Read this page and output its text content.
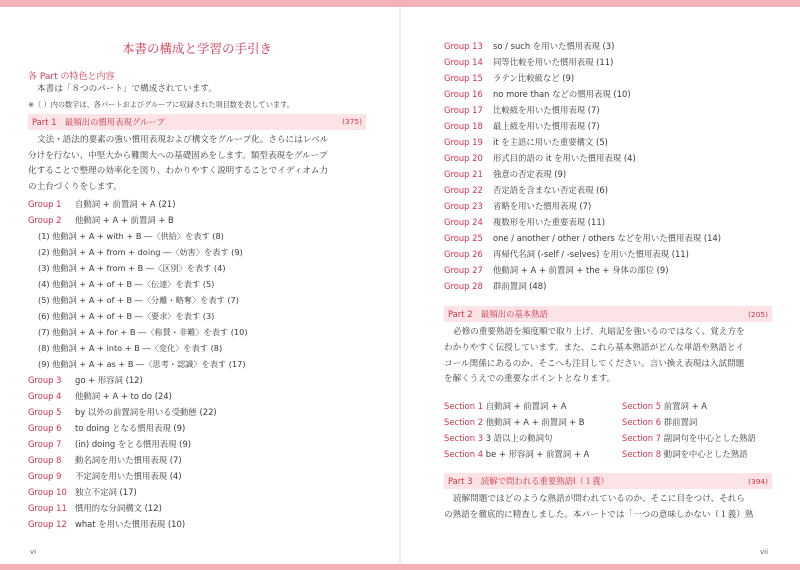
本書の構成と学習の手引き
各 Part の特色と内容
本書は「８つのパート」で構成されています。
※（ ）内の数字は、各パートおよびグループに収録された項目数を表しています。
Part 1　最頻出の慣用表現グループ	(375)
文法・語法的要素の強い慣用表現および構文をグループ化。さらにはレベル
分けを行ない、中堅大から難関大への基礎固めをします。類型表現をグループ
化することで整理の効率化を図り、わかりやすく説明することでイディオム力
の土台づくりをします。
Group 1	自動詞 + 前置詞 + A (21)
Group 2	他動詞 + A + 前置詞 + B
(1) 他動詞 + A + with + B ―〈供給〉を表す (8)
(2) 他動詞 + A + from + doing ―〈妨害〉を表す (9)
(3) 他動詞 + A + from + B ―〈区別〉を表す (4)
(4) 他動詞 + A + of + B ―〈伝達〉を表す (5)
(5) 他動詞 + A + of + B ―〈分離・略奪〉を表す (7)
(6) 他動詞 + A + of + B ―〈要求〉を表す (3)
(7) 他動詞 + A + for + B ―〈称賛・非難〉を表す (10)
(8) 他動詞 + A + into + B ―〈変化〉を表す (8)
(9) 他動詞 + A + as + B ―〈思考・認識〉を表す (17)
Group 3	go + 形容詞 (12)
Group 4	他動詞 + A + to do (24)
Group 5	by 以外の前置詞を用いる受動態 (22)
Group 6	to doing となる慣用表現 (9)
Group 7	(in) doing をとる慣用表現 (9)
Group 8	動名詞を用いた慣用表現 (7)
Group 9	不定詞を用いた慣用表現 (4)
Group 10 独立不定詞 (17)
Group 11 慣用的な分詞構文 (12)
Group 12 what を用いた慣用表現 (10)
vi
Group 13	so / such を用いた慣用表現 (3)
Group 14	同等比較を用いた慣用表現 (11)
Group 15	ラテン比較級など (9)
Group 16	no more than などの慣用表現 (10)
Group 17	比較級を用いた慣用表現 (7)
Group 18	最上級を用いた慣用表現 (7)
Group 19	it を主語に用いた重要構文 (5)
Group 20	形式目的語の it を用いた慣用表現 (4)
Group 21	強意の否定表現 (9)
Group 22	否定語を含まない否定表現 (6)
Group 23	省略を用いた慣用表現 (7)
Group 24	複数形を用いた重要表現 (11)
Group 25	one / another / other / others などを用いた慣用表現 (14)
Group 26	再帰代名詞 (-self / -selves) を用いた慣用表現 (11)
Group 27	他動詞 + A + 前置詞 + the + 身体の部位 (9)
Group 28	群前置詞 (48)
Part 2　最頻出の基本熟語	(205)
必修の重要熟語を頻度順で取り上げ、丸暗記を強いるのではなく、覚え方を
わかりやすく伝授しています。また、これら基本熟語がどんな単語や熟語とイ
コール関係にあるのか、そこへも注目してください。言い換え表現は入試問題
を解くうえでの重要なポイントとなります。
Section 1 自動詞 + 前置詞 + A	Section 5 前置詞 + A
Section 2 他動詞 + A + 前置詞 + B	Section 6 群前置詞
Section 3 3 語以上の動詞句	Section 7 副詞句を中心とした熟語
Section 4 be + 形容詞 + 前置詞 + A	Section 8 動詞を中心とした熟語
Part 3　読解で問われる重要熟語Ⅰ（１義）	(394)
読解問題でほどのような熟語が問われているのか、そこに目をつけ、それら
の熟語を徹底的に精査しました。本パートでは「一つの意味しかない（１義）熟
vii
